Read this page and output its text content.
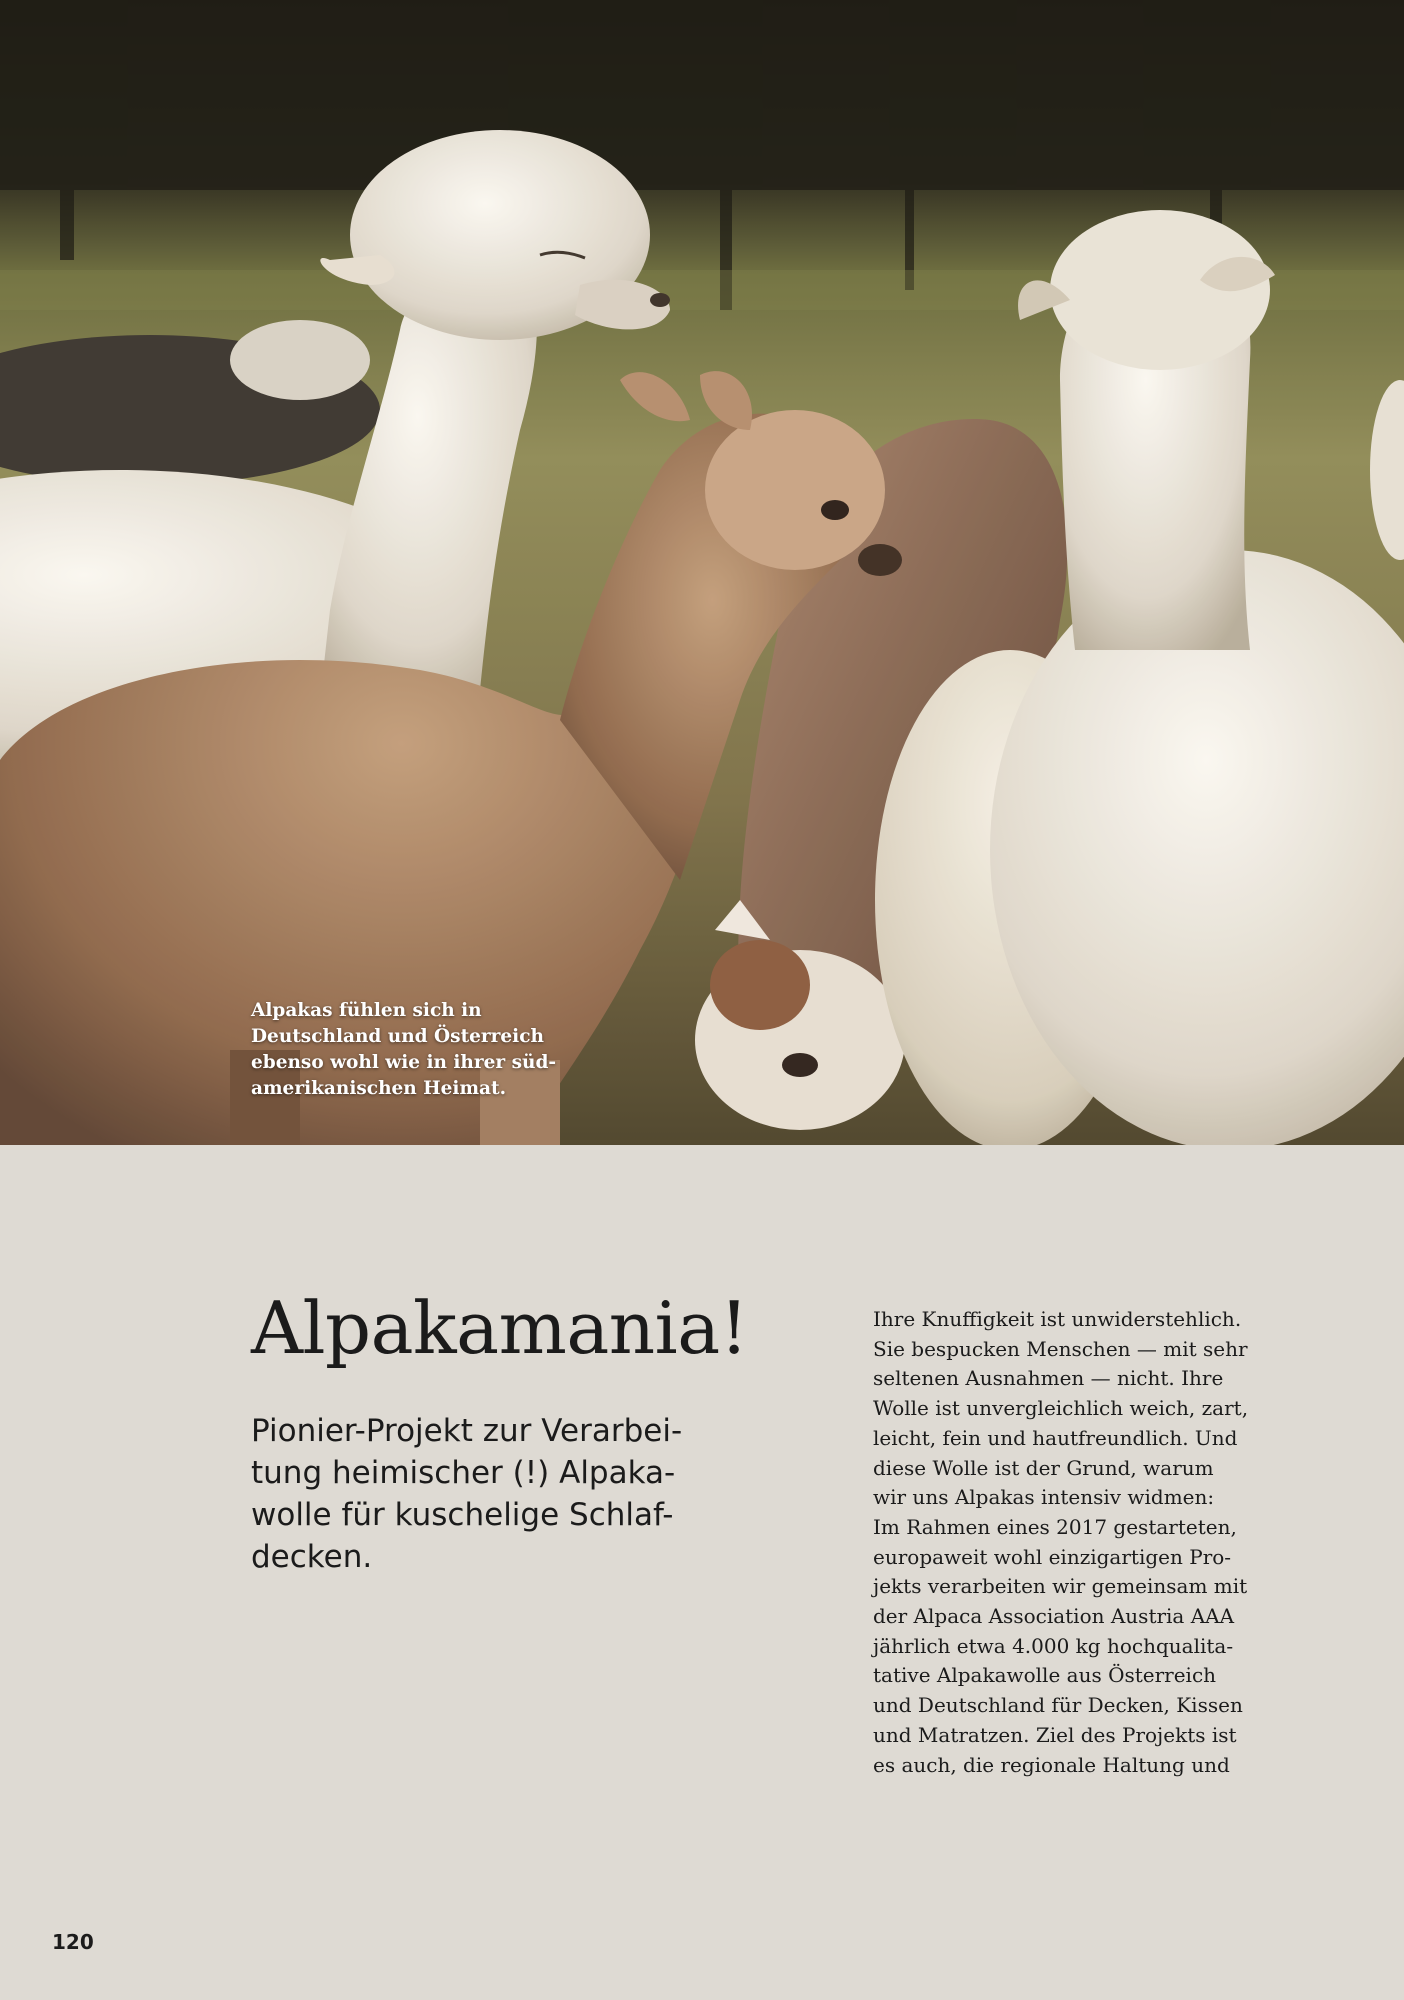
Alpakas fühlen sich in
Deutschland und Österreich
ebenso wohl wie in ihrer süd-
amerikanischen Heimat.
Alpakamania!
Pionier-Projekt zur Verarbei-
tung heimischer (!) Alpaka-
wolle für kuschelige Schlaf-
decken.
Ihre Knuffigkeit ist unwiderstehlich.
Sie bespucken Menschen — mit sehr
seltenen Ausnahmen — nicht. Ihre
Wolle ist unvergleichlich weich, zart,
leicht, fein und hautfreundlich. Und
diese Wolle ist der Grund, warum
wir uns Alpakas intensiv widmen:
Im Rahmen eines 2017 gestarteten,
europaweit wohl einzigartigen Pro-
jekts verarbeiten wir gemeinsam mit
der Alpaca Association Austria AAA
jährlich etwa 4.000 kg hochqualita-
tative Alpakawolle aus Österreich
und Deutschland für Decken, Kissen
und Matratzen. Ziel des Projekts ist
es auch, die regionale Haltung und
120
